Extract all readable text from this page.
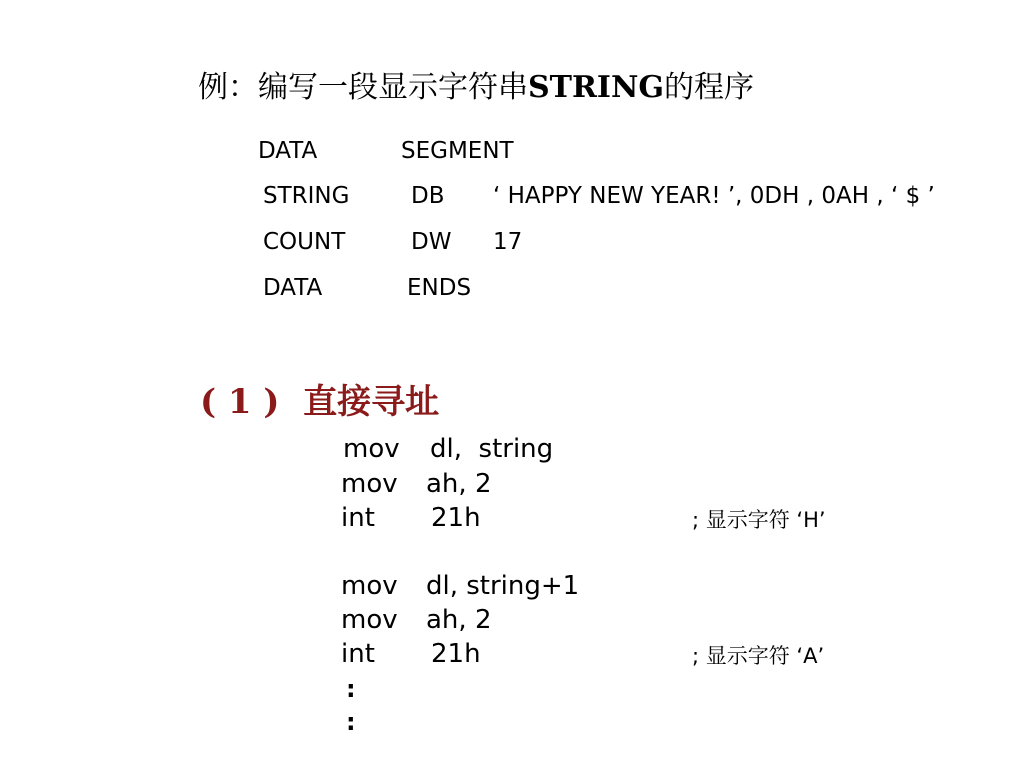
例：编写一段显示字符串STRING的程序
DATA	SEGMENT
STRING	DB ‘ HAPPY NEW YEAR! ’, 0DH , 0AH , ‘ $ ’
COUNT	DW 17
DATA	ENDS
( 1 )  直接寻址
mov dl,  string
mov ah, 2
int 21h	; 显示字符 ‘H’
mov dl, string+1
mov ah, 2
int 21h	; 显示字符 ‘A’
:
:
